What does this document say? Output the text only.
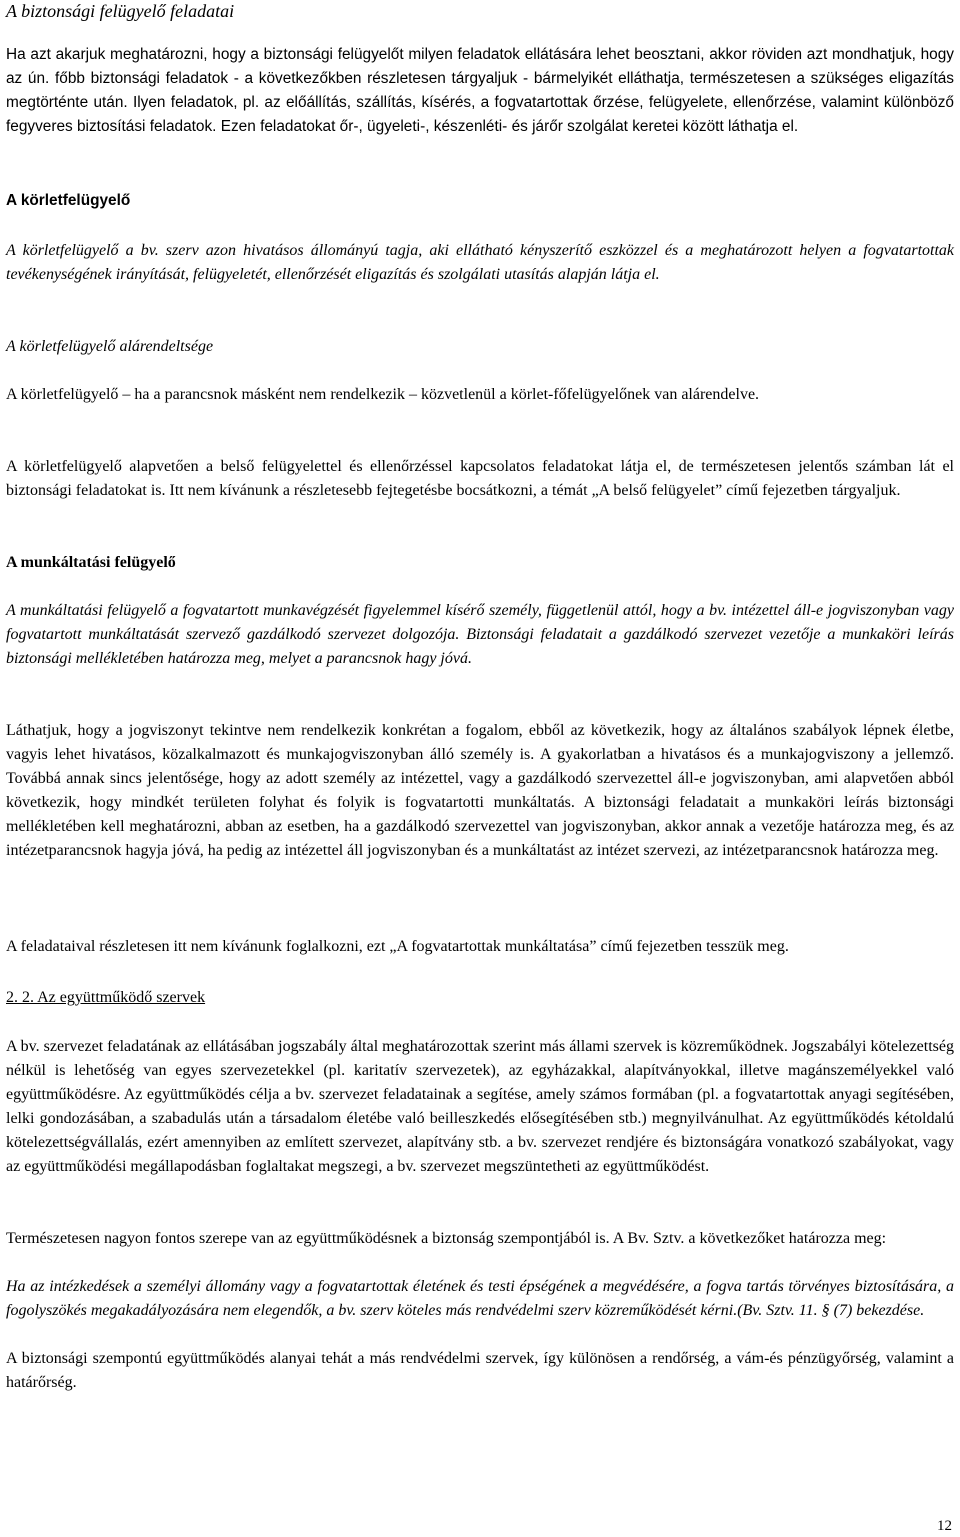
A biztonsági felügyelő feladatai

Ha azt akarjuk meghatározni, hogy a biztonsági felügyelőt milyen feladatok ellátására lehet beosztani, akkor röviden azt mondhatjuk, hogy az ún. főbb biztonsági feladatok - a következőkben részletesen tárgyaljuk - bármelyikét elláthatja, természetesen a szükséges eligazítás megtörténte után. Ilyen feladatok, pl. az előállítás, szállítás, kísérés, a fogvatartottak őrzése, felügyelete, ellenőrzése, valamint különböző fegyveres biztosítási feladatok. Ezen feladatokat őr-, ügyeleti-, készenléti- és járőr szolgálat keretei között láthatja el.

A körletfelügyelő

A körletfelügyelő a bv. szerv azon hivatásos állományú tagja, aki ellátható kényszerítő eszközzel és a meghatározott helyen a fogvatartottak tevékenységének irányítását, felügyeletét, ellenőrzését eligazítás és szolgálati utasítás alapján látja el.

A körletfelügyelő alárendeltsége

A körletfelügyelő ‒ ha a parancsnok másként nem rendelkezik ‒ közvetlenül a körlet-főfelügyelőnek van alárendelve.

A körletfelügyelő alapvetően a belső felügyelettel és ellenőrzéssel kapcsolatos feladatokat látja el, de természetesen jelentős számban lát el biztonsági feladatokat is. Itt nem kívánunk a részletesebb fejtegetésbe bocsátkozni, a témát „A belső felügyelet” című fejezetben tárgyaljuk.

A munkáltatási felügyelő

A munkáltatási felügyelő a fogvatartott munkavégzését figyelemmel kísérő személy, függetlenül attól, hogy a bv. intézettel áll-e jogviszonyban vagy fogvatartott munkáltatását szervező gazdálkodó szervezet dolgozója. Biztonsági feladatait a gazdálkodó szervezet vezetője a munkaköri leírás biztonsági mellékletében határozza meg, melyet a parancsnok hagy jóvá.

Láthatjuk, hogy a jogviszonyt tekintve nem rendelkezik konkrétan a fogalom, ebből az következik, hogy az általános szabályok lépnek életbe, vagyis lehet hivatásos, közalkalmazott és munkajogviszonyban álló személy is. A gyakorlatban a hivatásos és a munkajogviszony a jellemző. Továbbá annak sincs jelentősége, hogy az adott személy az intézettel, vagy a gazdálkodó szervezettel áll-e jogviszonyban, ami alapvetően abból következik, hogy mindkét területen folyhat és folyik is fogvatartotti munkáltatás. A biztonsági feladatait a munkaköri leírás biztonsági mellékletében kell meghatározni, abban az esetben, ha a gazdálkodó szervezettel van jogviszonyban, akkor annak a vezetője határozza meg, és az intézetparancsnok hagyja jóvá, ha pedig az intézettel áll jogviszonyban és a munkáltatást az intézet szervezi, az intézetparancsnok határozza meg.

A feladataival részletesen itt nem kívánunk foglalkozni, ezt „A fogvatartottak munkáltatása” című fejezetben tesszük meg.

2. 2. Az együttműködő szervek

A bv. szervezet feladatának az ellátásában jogszabály által meghatározottak szerint más állami szervek is közreműködnek. Jogszabályi kötelezettség nélkül is lehetőség van egyes szervezetekkel (pl. karitatív szervezetek), az egyházakkal, alapítványokkal, illetve magánszemélyekkel való együttműködésre. Az együttműködés célja a bv. szervezet feladatainak a segítése, amely számos formában (pl. a fogvatartottak anyagi segítésében, lelki gondozásában, a szabadulás után a társadalom életébe való beilleszkedés elősegítésében stb.) megnyilvánulhat. Az együttműködés kétoldalú kötelezettségvállalás, ezért amennyiben az említett szervezet, alapítvány stb. a bv. szervezet rendjére és biztonságára vonatkozó szabályokat, vagy az együttműködési megállapodásban foglaltakat megszegi, a bv. szervezet megszüntetheti az együttműködést.

Természetesen nagyon fontos szerepe van az együttműködésnek a biztonság szempontjából is. A Bv. Sztv. a következőket határozza meg:

Ha az intézkedések a személyi állomány vagy a fogvatartottak életének és testi épségének a megvédésére, a fogva tartás törvényes biztosítására, a fogolyszökés megakadályozására nem elegendők, a bv. szerv köteles más rendvédelmi szerv közreműködését kérni.(Bv. Sztv. 11. § (7) bekezdése.

A biztonsági szempontú együttműködés alanyai tehát a más rendvédelmi szervek, így különösen a rendőrség, a vám-és pénzügyőrség, valamint a határőrség.

12
